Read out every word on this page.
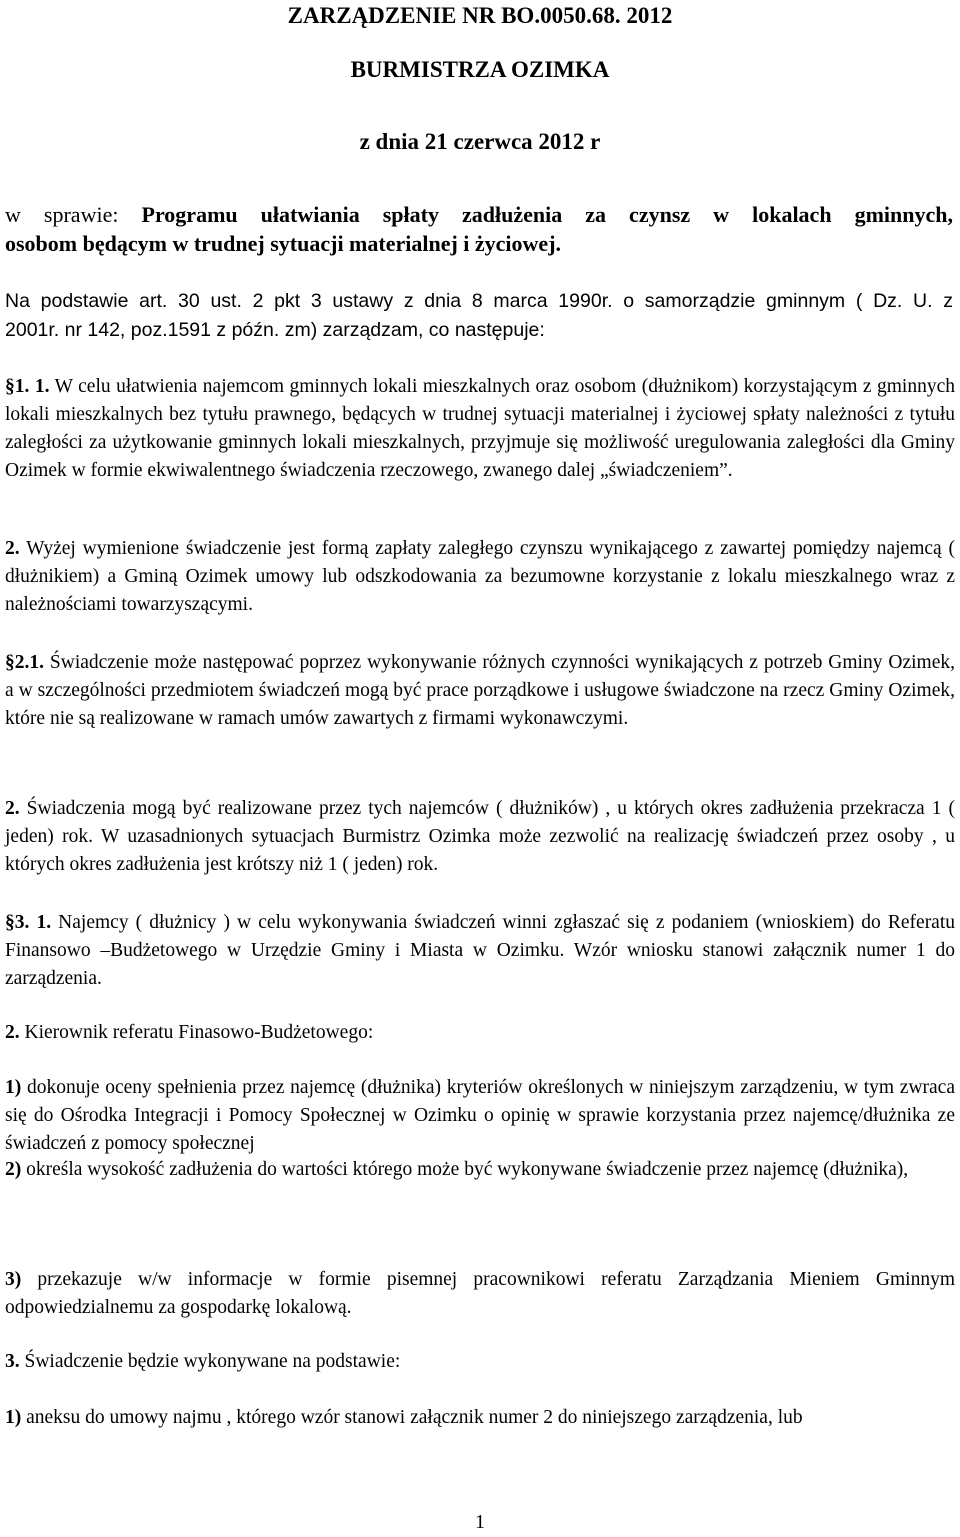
ZARZĄDZENIE NR BO.0050.68. 2012
BURMISTRZA OZIMKA
z dnia 21 czerwca 2012 r
w sprawie: Programu ułatwiania spłaty zadłużenia za czynsz w lokalach gminnych,
osobom będącym w trudnej sytuacji materialnej i życiowej.
Na podstawie art. 30 ust. 2 pkt 3 ustawy z dnia 8 marca 1990r. o samorządzie gminnym ( Dz. U. z
2001r. nr 142, poz.1591 z późn. zm) zarządzam, co następuje:
§1. 1. W celu ułatwienia najemcom gminnych lokali mieszkalnych oraz osobom (dłużnikom) korzystającym z gminnych lokali mieszkalnych bez tytułu prawnego, będących w trudnej sytuacji materialnej i życiowej spłaty należności z tytułu zaległości za użytkowanie gminnych lokali mieszkalnych, przyjmuje się możliwość uregulowania zaległości dla Gminy Ozimek w formie ekwiwalentnego świadczenia rzeczowego, zwanego dalej „świadczeniem”.
2. Wyżej wymienione świadczenie jest formą zapłaty zaległego czynszu wynikającego z zawartej pomiędzy najemcą ( dłużnikiem) a Gminą Ozimek umowy lub odszkodowania za bezumowne korzystanie z lokalu mieszkalnego wraz z należnościami towarzyszącymi.
§2.1. Świadczenie może następować poprzez wykonywanie różnych czynności wynikających z potrzeb Gminy Ozimek, a w szczególności przedmiotem świadczeń mogą być prace porządkowe i usługowe świadczone na rzecz Gminy Ozimek, które nie są realizowane w ramach umów zawartych z firmami wykonawczymi.
2. Świadczenia mogą być realizowane przez tych najemców ( dłużników) , u których okres zadłużenia przekracza 1 ( jeden) rok. W uzasadnionych sytuacjach Burmistrz Ozimka może zezwolić na realizację świadczeń przez osoby , u których okres zadłużenia jest krótszy niż 1 ( jeden) rok.
§3. 1. Najemcy ( dłużnicy ) w celu wykonywania świadczeń winni zgłaszać się z podaniem (wnioskiem) do Referatu Finansowo –Budżetowego w Urzędzie Gminy i Miasta w Ozimku. Wzór wniosku stanowi załącznik numer 1 do zarządzenia.
2. Kierownik referatu Finasowo-Budżetowego:
1) dokonuje oceny spełnienia przez najemcę (dłużnika) kryteriów określonych w niniejszym zarządzeniu, w tym zwraca się do Ośrodka Integracji i Pomocy Społecznej w Ozimku o opinię w sprawie korzystania przez najemcę/dłużnika ze świadczeń z pomocy społecznej
2) określa wysokość zadłużenia do wartości którego może być wykonywane świadczenie przez najemcę (dłużnika),
3) przekazuje w/w informacje w formie pisemnej pracownikowi referatu Zarządzania Mieniem Gminnym odpowiedzialnemu za gospodarkę lokalową.
3. Świadczenie będzie wykonywane na podstawie:
1) aneksu do umowy najmu , którego wzór stanowi załącznik numer 2 do niniejszego zarządzenia, lub
1
